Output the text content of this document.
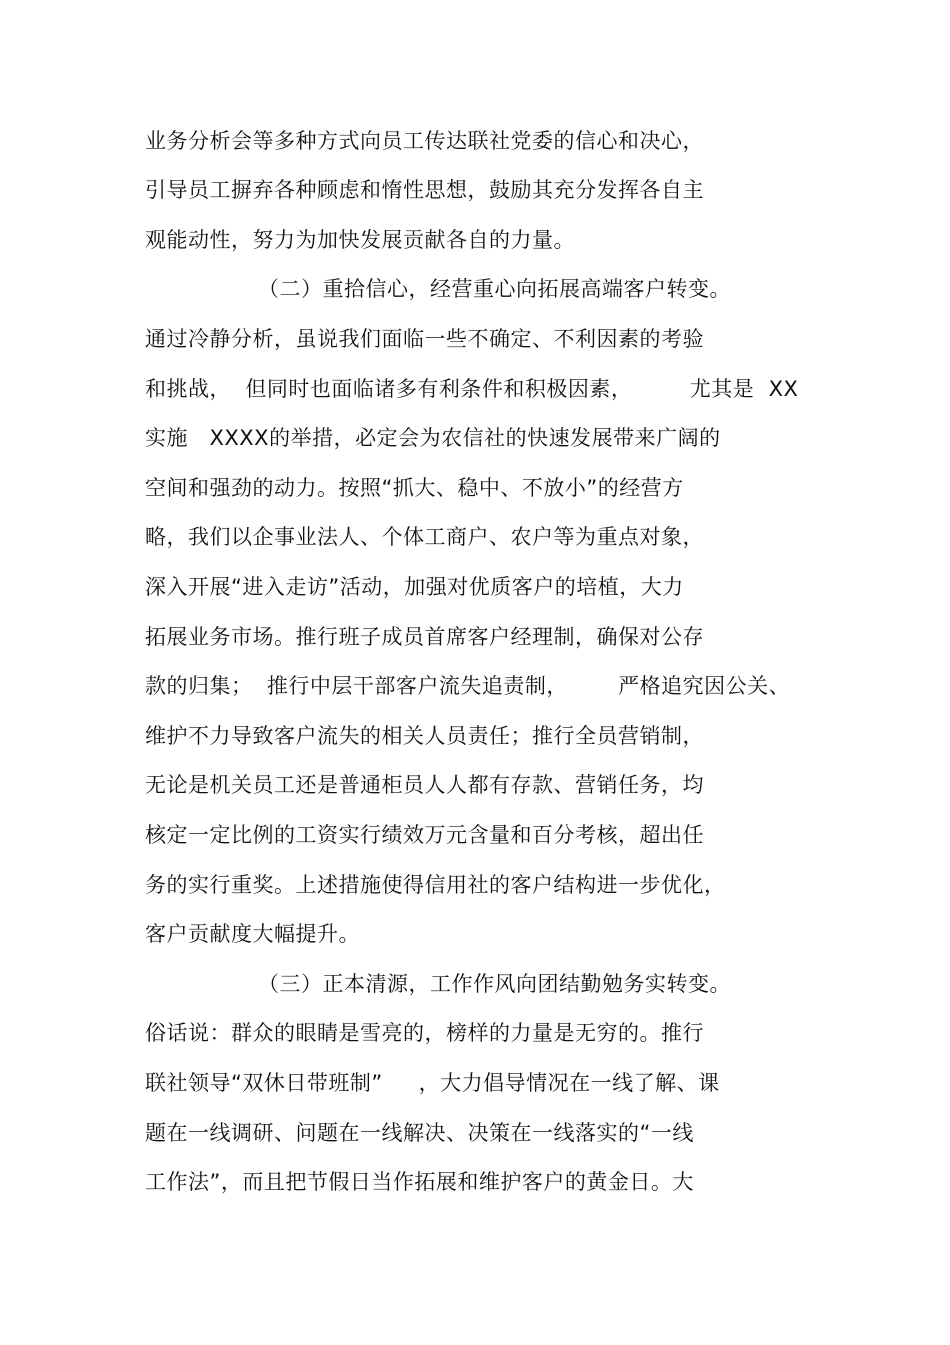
业务分析会等多种方式向员工传达联社党委的信心和决心，
引导员工摒弃各种顾虑和惰性思想，鼓励其充分发挥各自主
观能动性，努力为加快发展贡献各自的力量。
（二）重拾信心，经营重心向拓展高端客户转变。
通过冷静分析，虽说我们面临一些不确定、不利因素的考验
和挑战，  但同时也面临诸多有利条件和积极因素，        尤其是  XX
实施   XXXX的举措，必定会为农信社的快速发展带来广阔的
空间和强劲的动力。按照“抓大、稳中、不放小”的经营方
略，我们以企事业法人、个体工商户、农户等为重点对象，
深入开展“进入走访”活动，加强对优质客户的培植，大力
拓展业务市场。推行班子成员首席客户经理制，确保对公存
款的归集；  推行中层干部客户流失追责制，       严格追究因公关、
维护不力导致客户流失的相关人员责任；推行全员营销制，
无论是机关员工还是普通柜员人人都有存款、营销任务，均
核定一定比例的工资实行绩效万元含量和百分考核，超出任
务的实行重奖。上述措施使得信用社的客户结构进一步优化，
客户贡献度大幅提升。
（三）正本清源，工作作风向团结勤勉务实转变。
俗话说：群众的眼睛是雪亮的，榜样的力量是无穷的。推行
联社领导“双休日带班制”     ，大力倡导情况在一线了解、课
题在一线调研、问题在一线解决、决策在一线落实的“一线
工作法”，而且把节假日当作拓展和维护客户的黄金日。大
